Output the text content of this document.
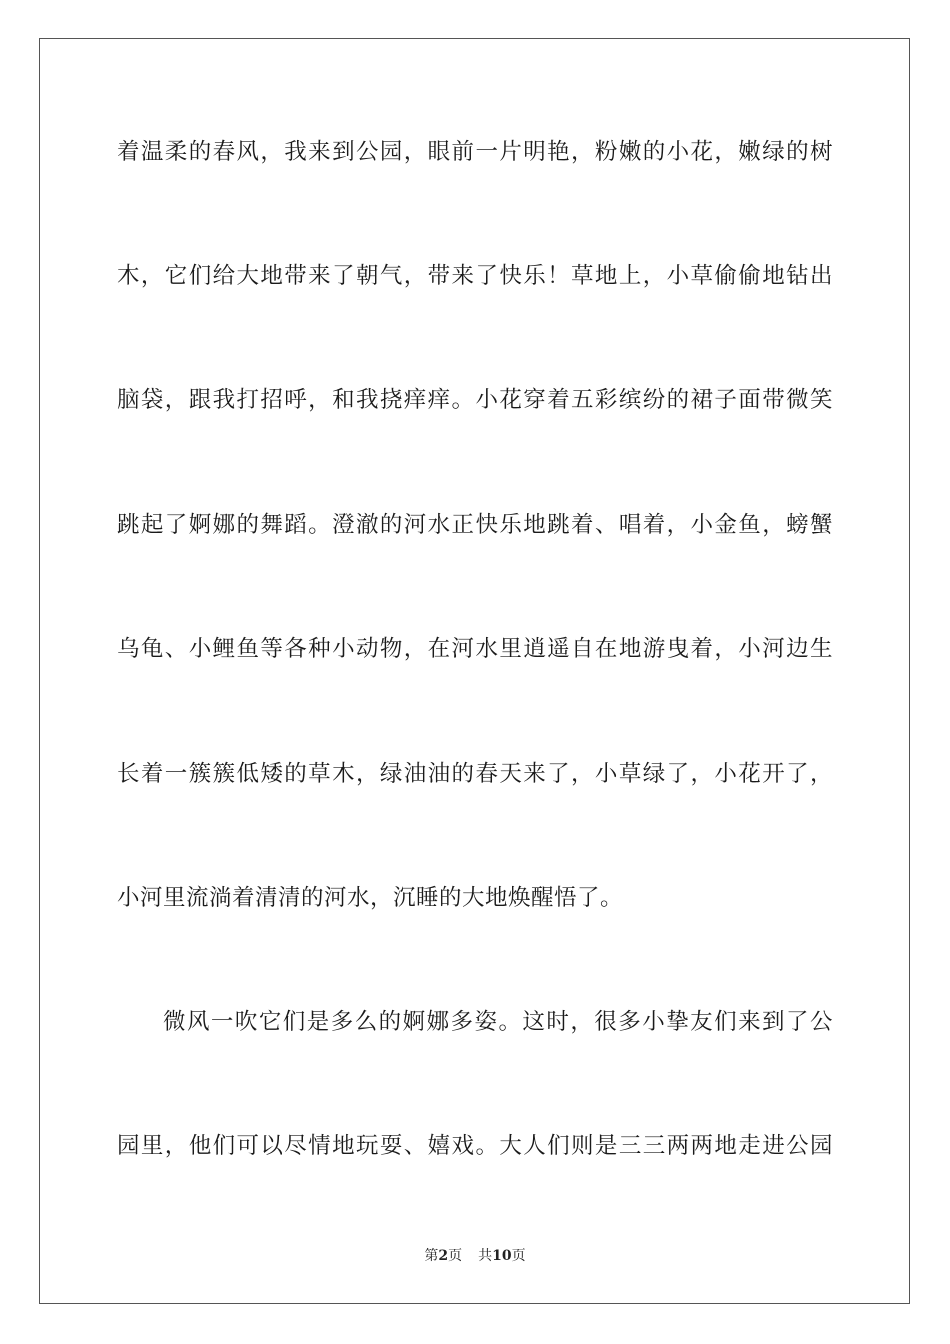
着温柔的春风，我来到公园，眼前一片明艳，粉嫩的小花，嫩绿的树
木，它们给大地带来了朝气，带来了快乐！草地上，小草偷偷地钻出
脑袋，跟我打招呼，和我挠痒痒。小花穿着五彩缤纷的裙子面带微笑
跳起了婀娜的舞蹈。澄澈的河水正快乐地跳着、唱着，小金鱼，螃蟹
乌龟、小鲤鱼等各种小动物，在河水里逍遥自在地游曳着，小河边生
长着一簇簇低矮的草木，绿油油的春天来了，小草绿了，小花开了，
小河里流淌着清清的河水，沉睡的大地焕醒悟了。
微风一吹它们是多么的婀娜多姿。这时，很多小挚友们来到了公
园里，他们可以尽情地玩耍、嬉戏。大人们则是三三两两地走进公园
第2页 共10页
